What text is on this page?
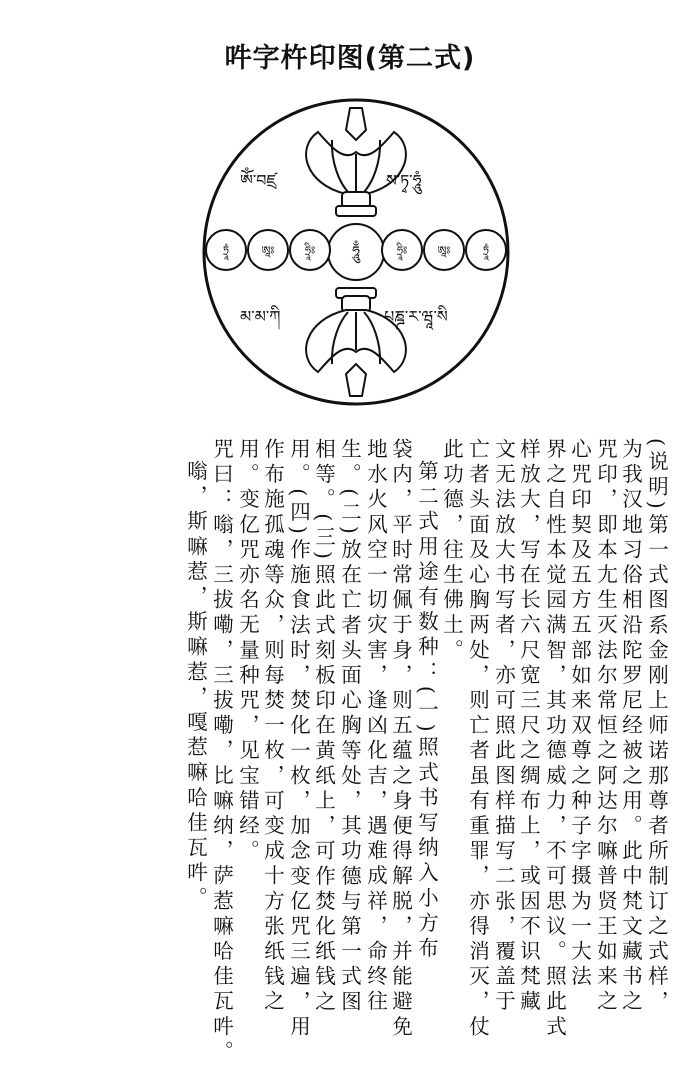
吽字杵印图(第二式)
ཏྲཱཾ	ཨཱཿ	ཧྲཱིཿ	ཧཱུྃ	ཧྲཱིཿ	ཨཱཿ	ཏྲཱཾ
ཨོཾ་བཛྲ	ས་ཏྭ་ཧཱུཾ
མ་མ་ཀི	པཎྜ་ར་ཝཱ་སི
(说明)第一式图系金刚上师诺那尊者所制订之式样，
为我汉地习俗相沿陀罗尼经被之用。此中梵文藏书之
咒印，即本尢生灭法尔常恒之阿达尔嘛普贤王如来之
心咒印契及五方五部如来双尊之种子字摄为一大法
界之自性本觉园满智，其功德威力，不可思议。照此式
样放大，写在长六尺宽三尺之绸布上，或因不识梵藏
文无法放大书写者，亦可照此图样描写二张，覆盖于
亡者头面及心胸两处，则亡者虽有重罪，亦得消灭，仗
此功德，往生佛土。
第二式用途有数种：(一)照式书写纳入小方布
袋内，平时常佩于身，则五蕴之身便得解脱，并能避免
地水火风空一切灾害，逢凶化吉，遇难成祥，命终往
生。(二)放在亡者头面心胸等处，其功德与第一式图
相等。(三)照此式刻板印在黄纸上，可作焚化纸钱之
用。(四)作施食法时，焚化一枚，加念变亿咒三遍，用
作布施孤魂等众，则每焚一枚，可变成十方张纸钱之
用。变亿咒亦名无量种咒，见宝错经。
咒曰：嗡，三拔嘞，三拔嘞，比嘛纳，萨惹嘛哈佳瓦吽。
嗡，斯嘛惹，斯嘛惹，嘎惹嘛哈佳瓦吽。
